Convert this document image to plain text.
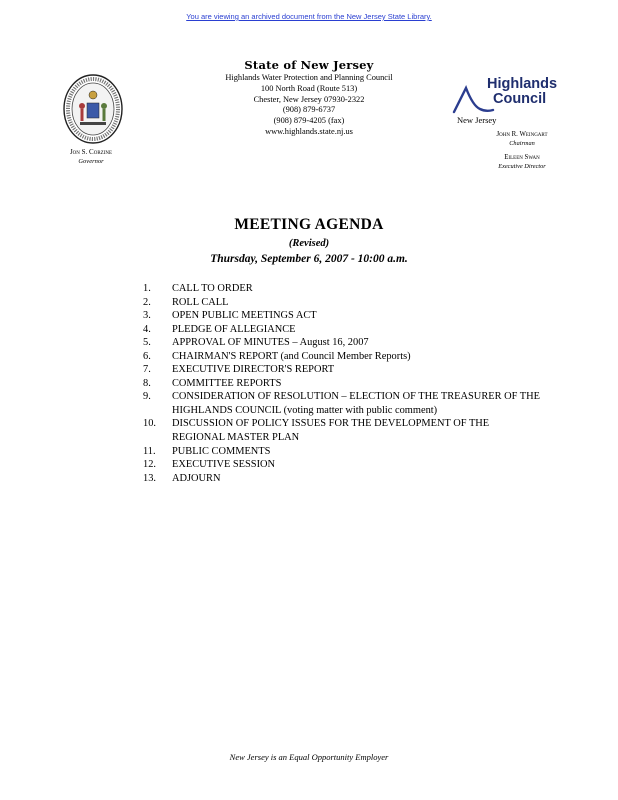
You are viewing an archived document from the New Jersey State Library.
Jon S. Corzine
Governor
State of New Jersey
Highlands Water Protection and Planning Council
100 North Road (Route 513)
Chester, New Jersey 07930-2322
(908) 879-6737
(908) 879-4205 (fax)
www.highlands.state.nj.us
Highlands
Council
New Jersey
John R. Weingart
Chairman
Eileen Swan
Executive Director
MEETING AGENDA
(Revised)
Thursday, September 6, 2007 - 10:00 a.m.
1.	CALL TO ORDER
2.	ROLL CALL
3.	OPEN PUBLIC MEETINGS ACT
4.	PLEDGE OF ALLEGIANCE
5.	APPROVAL OF MINUTES – August 16, 2007
6.	CHAIRMAN'S REPORT (and Council Member Reports)
7.	EXECUTIVE DIRECTOR'S REPORT
8.	COMMITTEE REPORTS
9.	CONSIDERATION OF RESOLUTION – ELECTION OF THE TREASURER OF THE HIGHLANDS COUNCIL (voting matter with public comment)
10.	DISCUSSION OF POLICY ISSUES FOR THE DEVELOPMENT OF THE REGIONAL MASTER PLAN
11.	PUBLIC COMMENTS
12.	EXECUTIVE SESSION
13.	ADJOURN
New Jersey is an Equal Opportunity Employer
